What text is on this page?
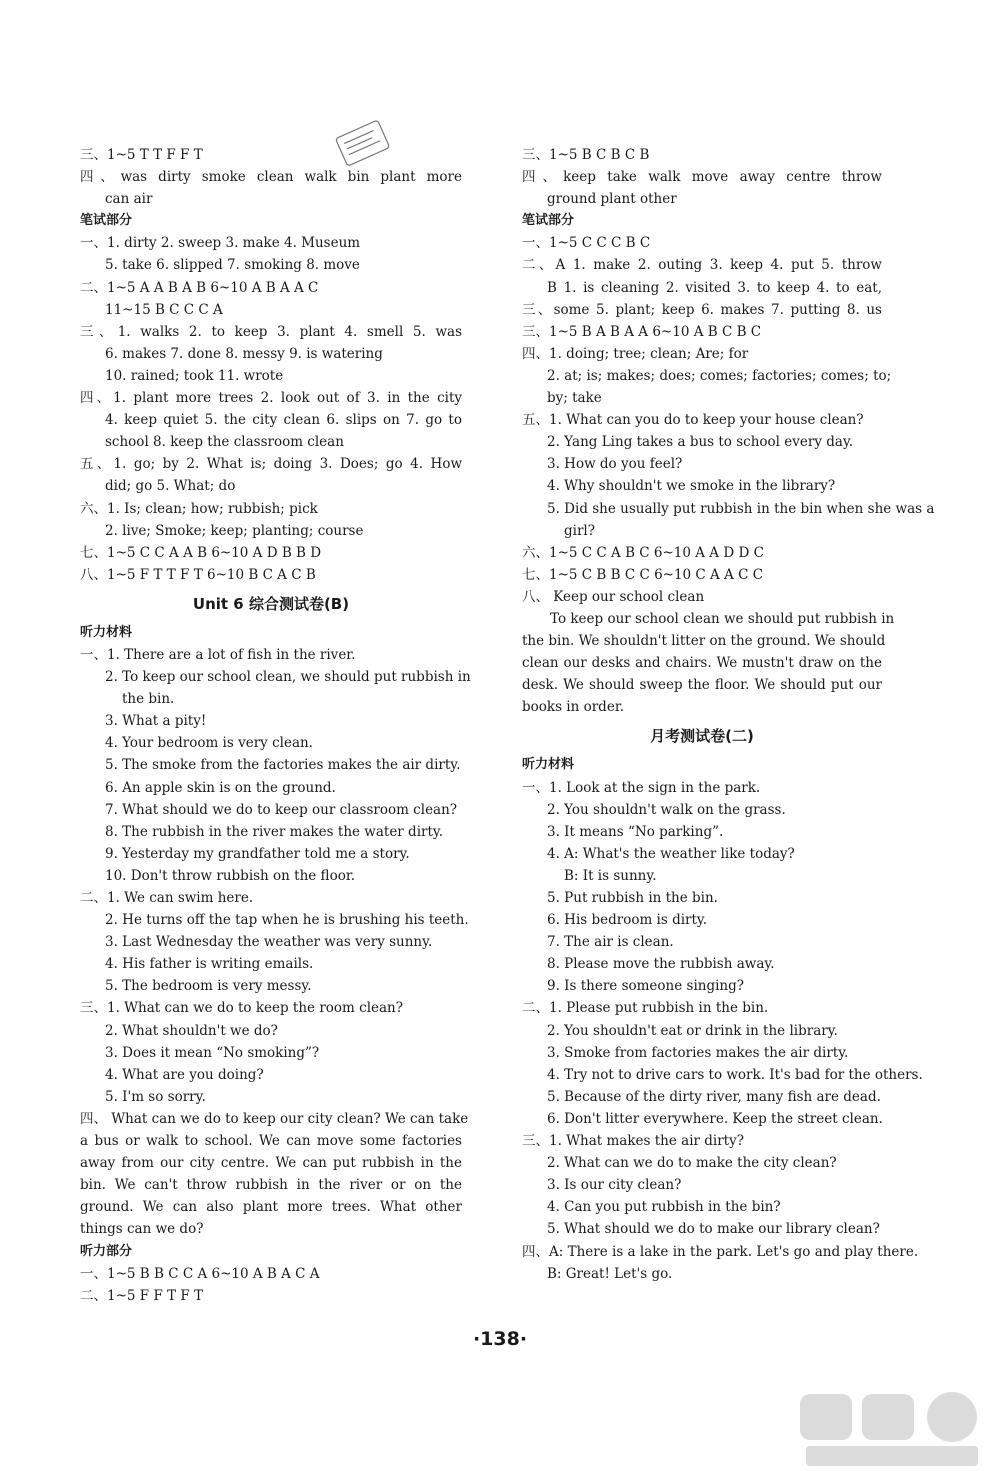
三、1~5 T T F F T
四、was dirty smoke clean walk bin plant more
can air
笔试部分
一、1. dirty 2. sweep 3. make 4. Museum
5. take 6. slipped 7. smoking 8. move
二、1~5 A A B A B 6~10 A B A A C
11~15 B C C C A
三、1. walks 2. to keep 3. plant 4. smell 5. was
6. makes 7. done 8. messy 9. is watering
10. rained; took 11. wrote
四、1. plant more trees 2. look out of 3. in the city
4. keep quiet 5. the city clean 6. slips on 7. go to
school 8. keep the classroom clean
五、1. go; by 2. What is; doing 3. Does; go 4. How
did; go 5. What; do
六、1. Is; clean; how; rubbish; pick
2. live; Smoke; keep; planting; course
七、1~5 C C A A B 6~10 A D B B D
八、1~5 F T T F T 6~10 B C A C B
Unit 6 综合测试卷(B)
听力材料
一、1. There are a lot of fish in the river.
2. To keep our school clean, we should put rubbish in
the bin.
3. What a pity!
4. Your bedroom is very clean.
5. The smoke from the factories makes the air dirty.
6. An apple skin is on the ground.
7. What should we do to keep our classroom clean?
8. The rubbish in the river makes the water dirty.
9. Yesterday my grandfather told me a story.
10. Don't throw rubbish on the floor.
二、1. We can swim here.
2. He turns off the tap when he is brushing his teeth.
3. Last Wednesday the weather was very sunny.
4. His father is writing emails.
5. The bedroom is very messy.
三、1. What can we do to keep the room clean?
2. What shouldn't we do?
3. Does it mean “No smoking”?
4. What are you doing?
5. I'm so sorry.
四、 What can we do to keep our city clean? We can take
a bus or walk to school. We can move some factories
away from our city centre. We can put rubbish in the
bin. We can't throw rubbish in the river or on the
ground. We can also plant more trees. What other
things can we do?
听力部分
一、1~5 B B C C A 6~10 A B A C A
二、1~5 F F T F T
三、1~5 B C B C B
四、keep take walk move away centre throw
ground plant other
笔试部分
一、1~5 C C C B C
二、A 1. make 2. outing 3. keep 4. put 5. throw
B 1. is cleaning 2. visited 3. to keep 4. to eat,
三、some 5. plant; keep 6. makes 7. putting 8. us
三、1~5 B A B A A 6~10 A B C B C
四、1. doing; tree; clean; Are; for
2. at; is; makes; does; comes; factories; comes; to;
by; take
五、1. What can you do to keep your house clean?
2. Yang Ling takes a bus to school every day.
3. How do you feel?
4. Why shouldn't we smoke in the library?
5. Did she usually put rubbish in the bin when she was a
girl?
六、1~5 C C A B C 6~10 A A D D C
七、1~5 C B B C C 6~10 C A A C C
八、 Keep our school clean
To keep our school clean we should put rubbish in
the bin. We shouldn't litter on the ground. We should
clean our desks and chairs. We mustn't draw on the
desk. We should sweep the floor. We should put our
books in order.
月考测试卷(二)
听力材料
一、1. Look at the sign in the park.
2. You shouldn't walk on the grass.
3. It means “No parking”.
4. A: What's the weather like today?
B: It is sunny.
5. Put rubbish in the bin.
6. His bedroom is dirty.
7. The air is clean.
8. Please move the rubbish away.
9. Is there someone singing?
二、1. Please put rubbish in the bin.
2. You shouldn't eat or drink in the library.
3. Smoke from factories makes the air dirty.
4. Try not to drive cars to work. It's bad for the others.
5. Because of the dirty river, many fish are dead.
6. Don't litter everywhere. Keep the street clean.
三、1. What makes the air dirty?
2. What can we do to make the city clean?
3. Is our city clean?
4. Can you put rubbish in the bin?
5. What should we do to make our library clean?
四、A: There is a lake in the park. Let's go and play there.
B: Great! Let's go.
·138·
